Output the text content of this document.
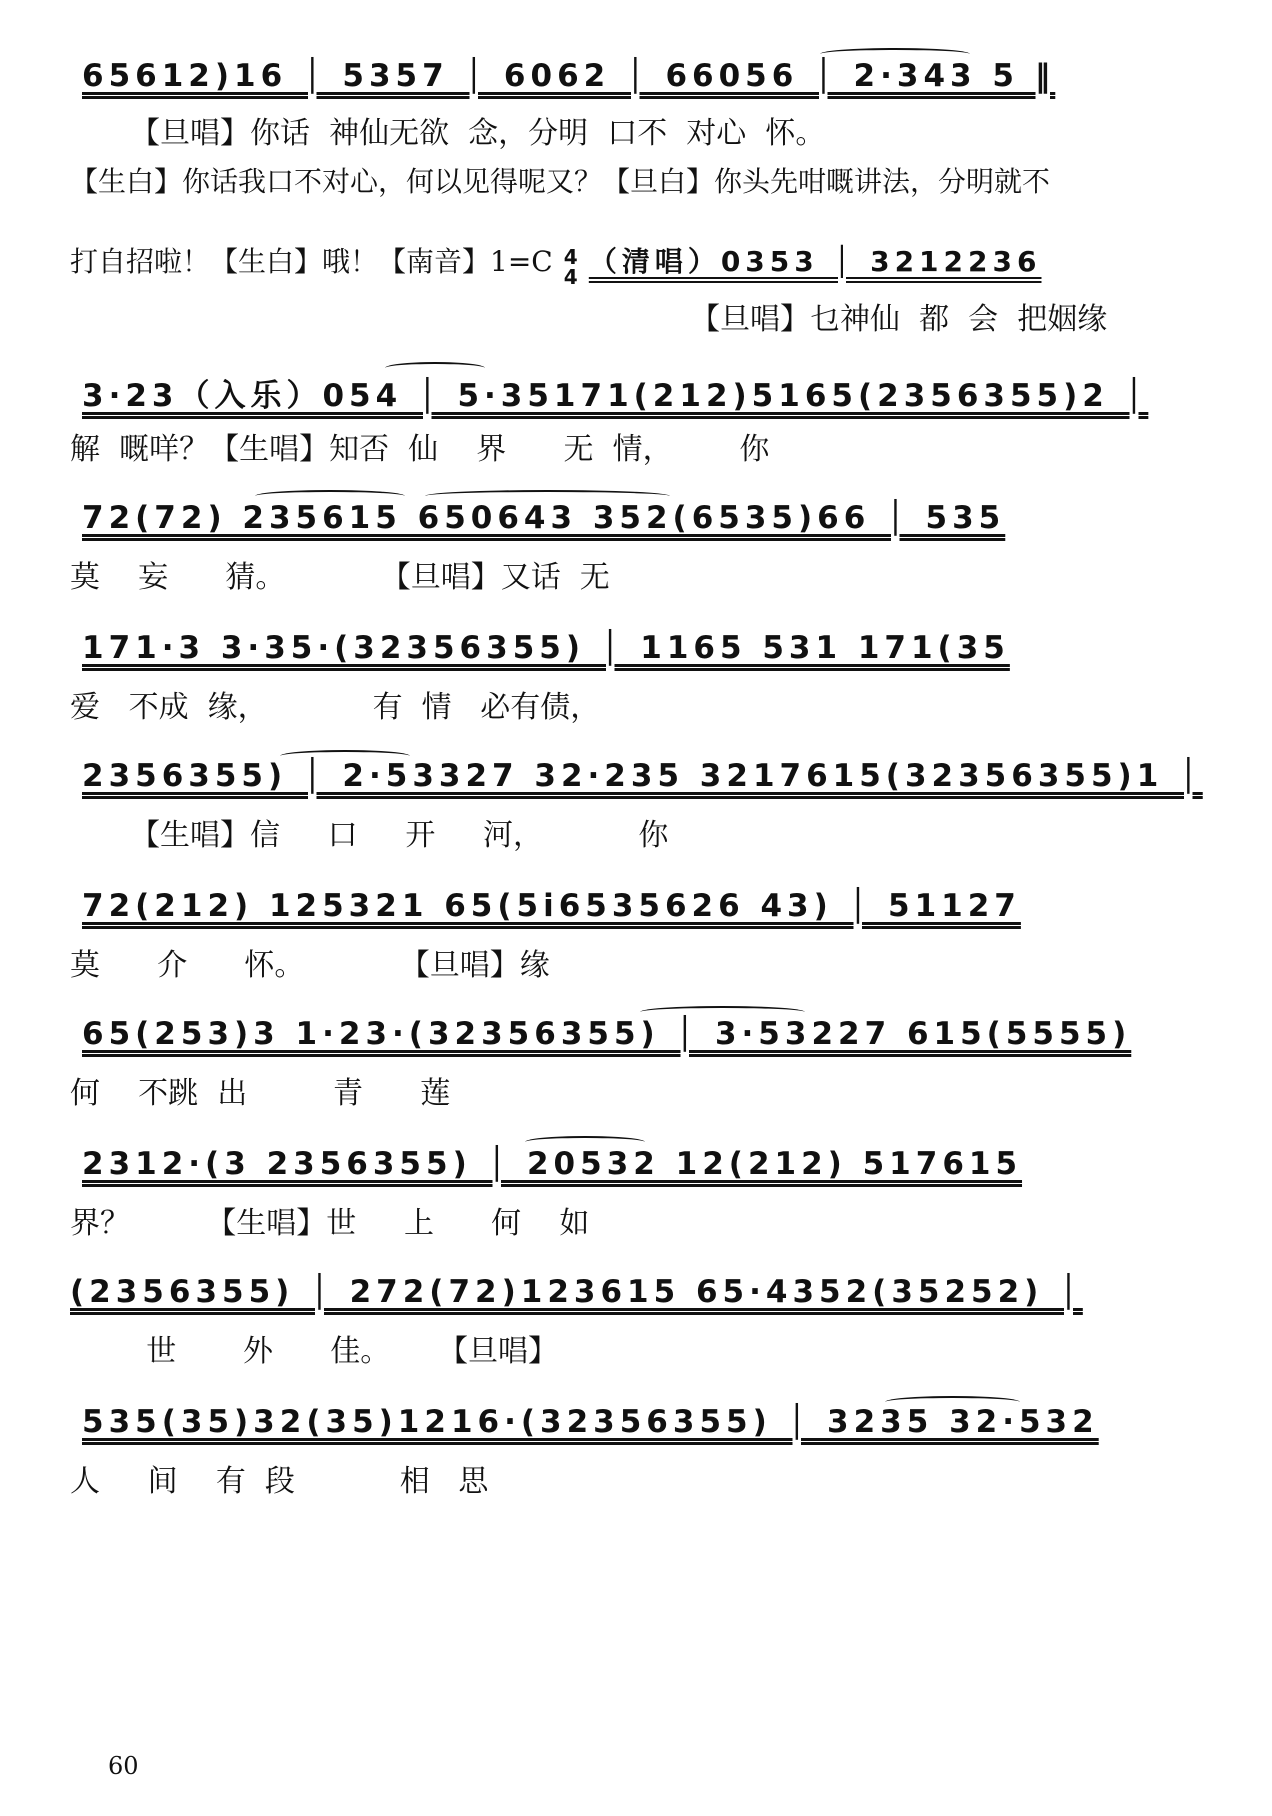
65612)16 │ 5357 │ 6062 │ 66056 │ 2·343 5 ‖
【旦唱】你话  神仙无欲  念，分明  口不  对心  怀。
【生白】你话我口不对心，何以见得呢又？【旦白】你头先咁嘅讲法，分明就不
打自招啦！【生白】哦！【南音】1=C 4
4 （清唱）0353 │ 3212236
【旦唱】乜神仙  都  会  把姻缘
3·23（入乐）054 │ 5·35171(212)5165(2356355)2 │
解  嘅咩？【生唱】知否  仙    界      无  情，       你
72(72) 235615 650643 352(6535)66 │ 535
莫    妄      猜。          【旦唱】又话  无
171·3 3·35·(32356355) │ 1165 531 171(35
爱   不成  缘，           有  情   必有债，
2356355) │ 2·53327 32·235 3217615(32356355)1 │
【生唱】信     口     开     河，          你
72(212) 125321 65(5i6535626 43) │ 51127
莫      介      怀。          【旦唱】缘
65(253)3 1·23·(32356355) │ 3·53227 615(5555)
何    不跳  出         青      莲
2312·(3 2356355) │ 20532 12(212) 517615
界？        【生唱】世     上      何    如
(2356355) │ 272(72)123615 65·4352(35252) │
世       外      佳。     【旦唱】
535(35)32(35)1216·(32356355) │ 3235 32·532
人     间    有  段           相   思
60
